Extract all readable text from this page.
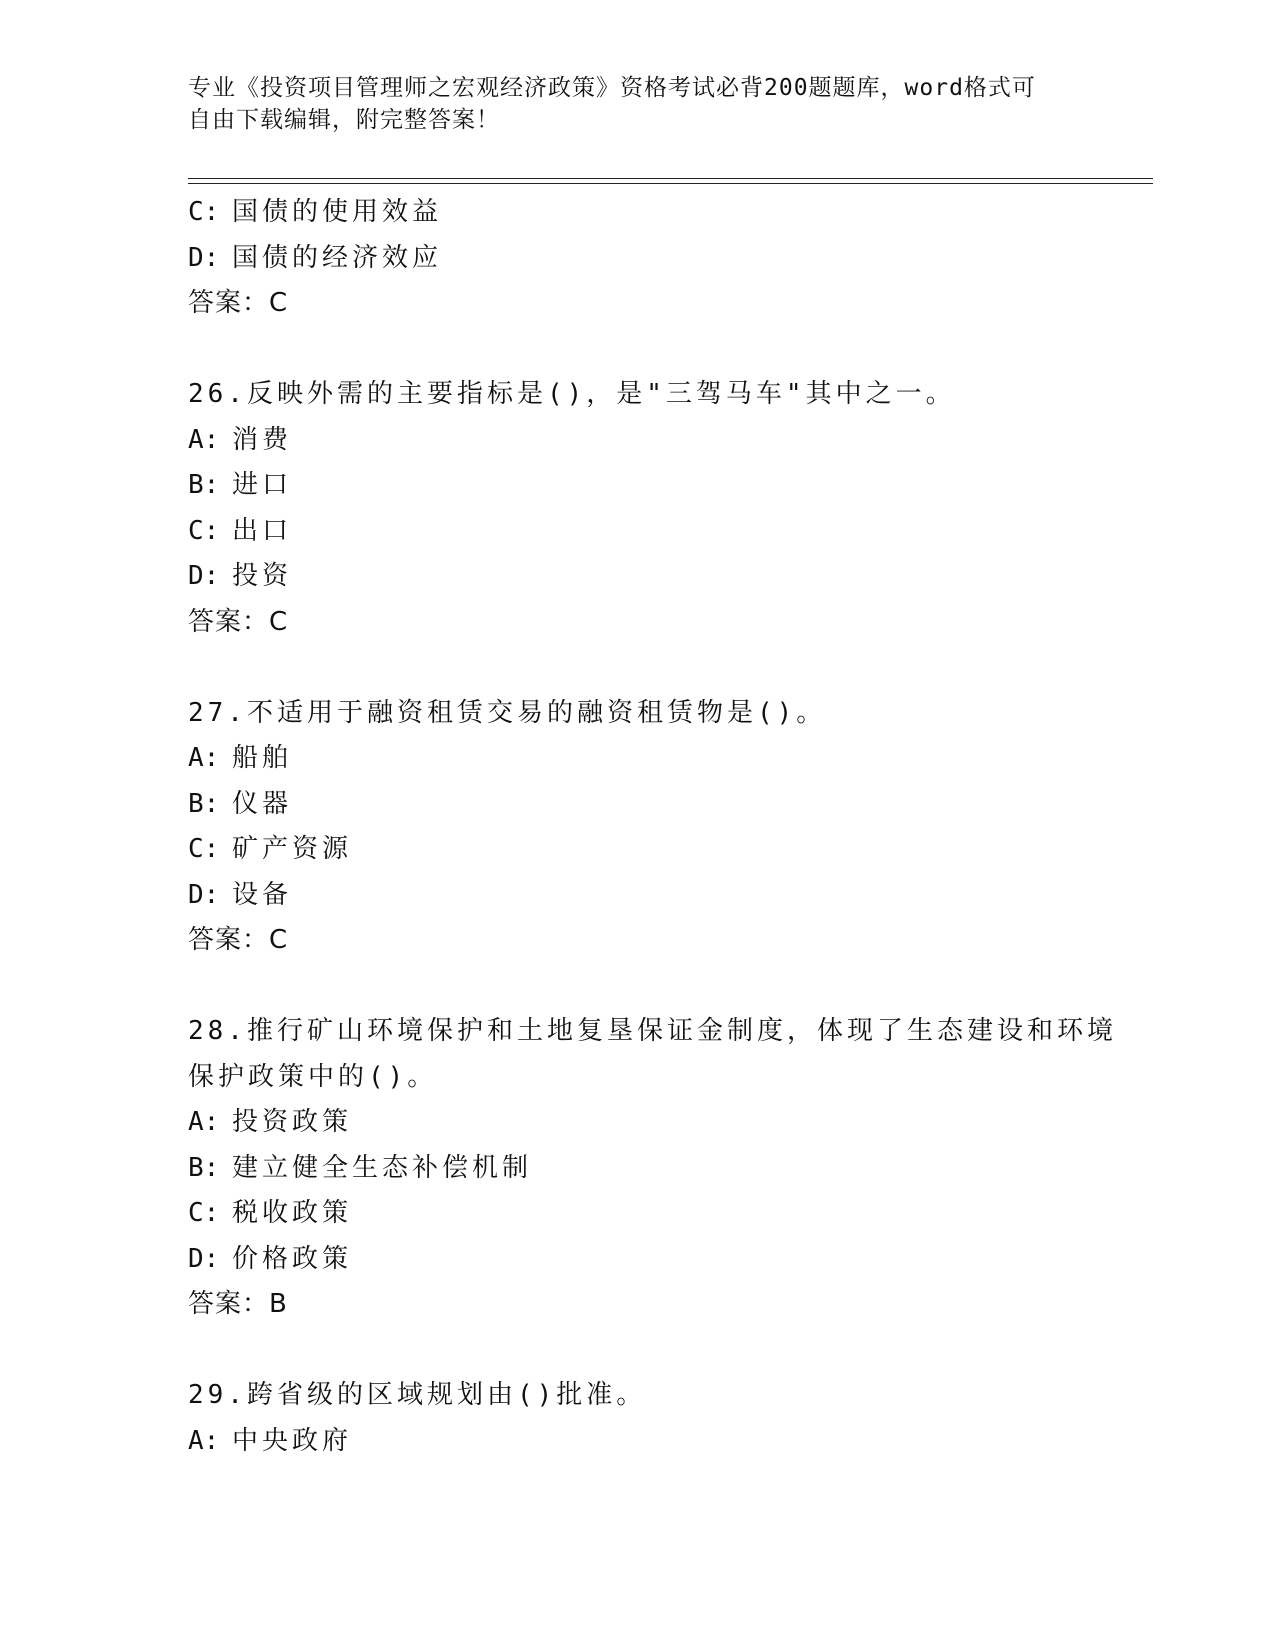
专业《投资项目管理师之宏观经济政策》资格考试必背200题题库，word格式可
自由下载编辑，附完整答案！
C: 国债的使用效益
D: 国债的经济效应
答案：C
26.反映外需的主要指标是()，是"三驾马车"其中之一。
A: 消费
B: 进口
C: 出口
D: 投资
答案：C
27.不适用于融资租赁交易的融资租赁物是()。
A: 船舶
B: 仪器
C: 矿产资源
D: 设备
答案：C
28.推行矿山环境保护和土地复垦保证金制度，体现了生态建设和环境
保护政策中的()。
A: 投资政策
B: 建立健全生态补偿机制
C: 税收政策
D: 价格政策
答案：B
29.跨省级的区域规划由()批准。
A: 中央政府
